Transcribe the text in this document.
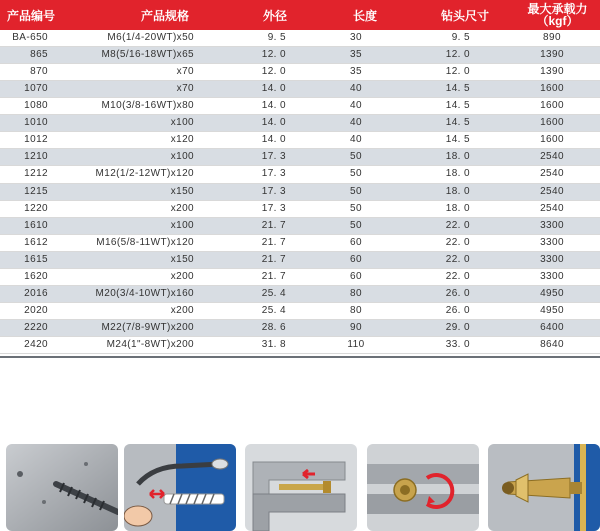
产品编号	产品规格	外径	长度	钻头尺寸	最大承载力
（kgf）
BA-650	M6(1/4-20WT)x50	9. 5	30	9. 5	890
865	M8(5/16-18WT)x65	12. 0	35	12. 0	1390
870	x70	12. 0	35	12. 0	1390
1070	x70	14. 0	40	14. 5	1600
1080	M10(3/8-16WT)x80	14. 0	40	14. 5	1600
1010	x100	14. 0	40	14. 5	1600
1012	x120	14. 0	40	14. 5	1600
1210	x100	17. 3	50	18. 0	2540
1212	M12(1/2-12WT)x120	17. 3	50	18. 0	2540
1215	x150	17. 3	50	18. 0	2540
1220	x200	17. 3	50	18. 0	2540
1610	x100	21. 7	50	22. 0	3300
1612	M16(5/8-11WT)x120	21. 7	60	22. 0	3300
1615	x150	21. 7	60	22. 0	3300
1620	x200	21. 7	60	22. 0	3300
2016	M20(3/4-10WT)x160	25. 4	80	26. 0	4950
2020	x200	25. 4	80	26. 0	4950
2220	M22(7/8-9WT)x200	28. 6	90	29. 0	6400
2420	M24(1"-8WT)x200	31. 8	110	33. 0	8640
